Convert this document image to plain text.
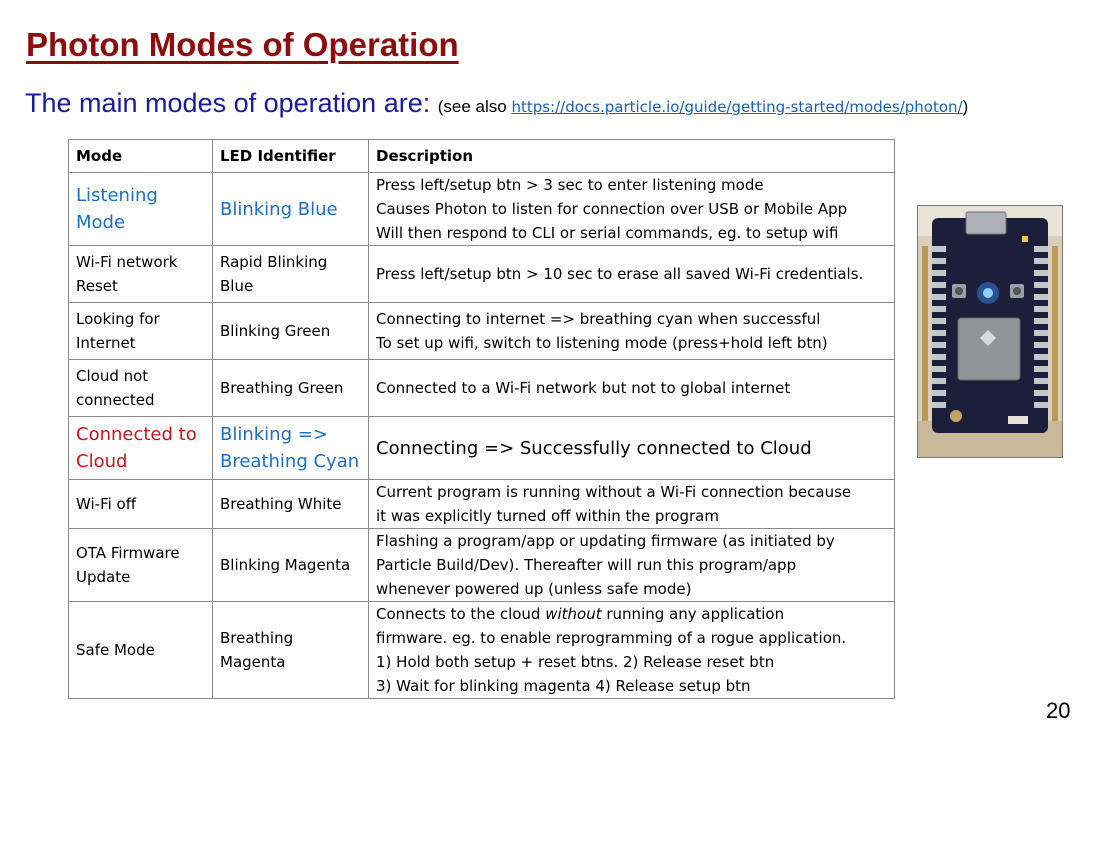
Photon Modes of Operation
The main modes of operation are: (see also https://docs.particle.io/guide/getting-started/modes/photon/)
Mode	LED Identifier	Description
Listening Mode	Blinking Blue	Press left/setup btn > 3 sec to enter listening mode
Causes Photon to listen for connection over USB or Mobile App
Will then respond to CLI or serial commands, eg. to setup wifi

Wi-Fi network Reset	Rapid Blinking Blue	Press left/setup btn > 10 sec to erase all saved Wi-Fi credentials.

Looking for Internet	Blinking Green	Connecting to internet => breathing cyan when successful
To set up wifi, switch to listening mode (press+hold left btn)

Cloud not connected	Breathing Green	Connected to a Wi-Fi network but not to global internet

Connected to Cloud	Blinking => Breathing Cyan	Connecting => Successfully connected to Cloud

Wi-Fi off	Breathing White	Current program is running without a Wi-Fi connection because
it was explicitly turned off within the program

OTA Firmware Update	Blinking Magenta	Flashing a program/app or updating firmware (as initiated by
Particle Build/Dev). Thereafter will run this program/app
whenever powered up (unless safe mode)

Safe Mode	Breathing Magenta	Connects to the cloud without running any application
firmware. eg. to enable reprogramming of a rogue application.
1) Hold both setup + reset btns. 2) Release reset btn
3) Wait for blinking magenta 4) Release setup btn
20
